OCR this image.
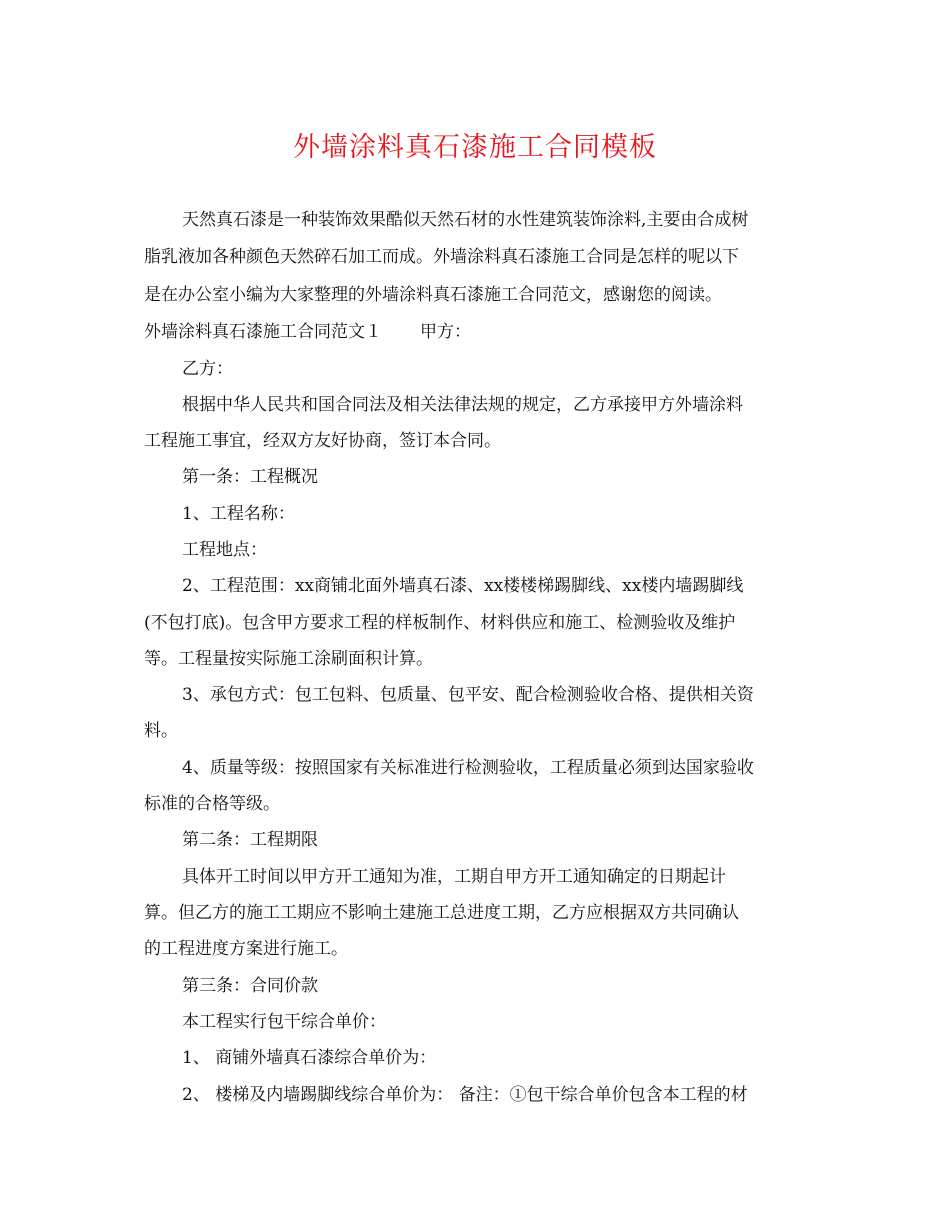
外墙涂料真石漆施工合同模板
天然真石漆是一种装饰效果酷似天然石材的水性建筑装饰涂料,主要由合成树
脂乳液加各种颜色天然碎石加工而成。外墙涂料真石漆施工合同是怎样的呢以下
是在办公室小编为大家整理的外墙涂料真石漆施工合同范文，感谢您的阅读。
外墙涂料真石漆施工合同范文１ 甲方：
乙方：
根据中华人民共和国合同法及相关法律法规的规定，乙方承接甲方外墙涂料
工程施工事宜，经双方友好协商，签订本合同。
第一条：工程概况
1、工程名称：
工程地点：
2、工程范围：xx商铺北面外墙真石漆、xx楼楼梯踢脚线、xx楼内墙踢脚线
(不包打底)。包含甲方要求工程的样板制作、材料供应和施工、检测验收及维护
等。工程量按实际施工涂刷面积计算。
3、承包方式：包工包料、包质量、包平安、配合检测验收合格、提供相关资
料。
4、质量等级：按照国家有关标准进行检测验收，工程质量必须到达国家验收
标准的合格等级。
第二条：工程期限
具体开工时间以甲方开工通知为准，工期自甲方开工通知确定的日期起计
算。但乙方的施工工期应不影响土建施工总进度工期，乙方应根据双方共同确认
的工程进度方案进行施工。
第三条：合同价款
本工程实行包干综合单价：
1、 商铺外墙真石漆综合单价为：
2、 楼梯及内墙踢脚线综合单价为： 备注：①包干综合单价包含本工程的材
